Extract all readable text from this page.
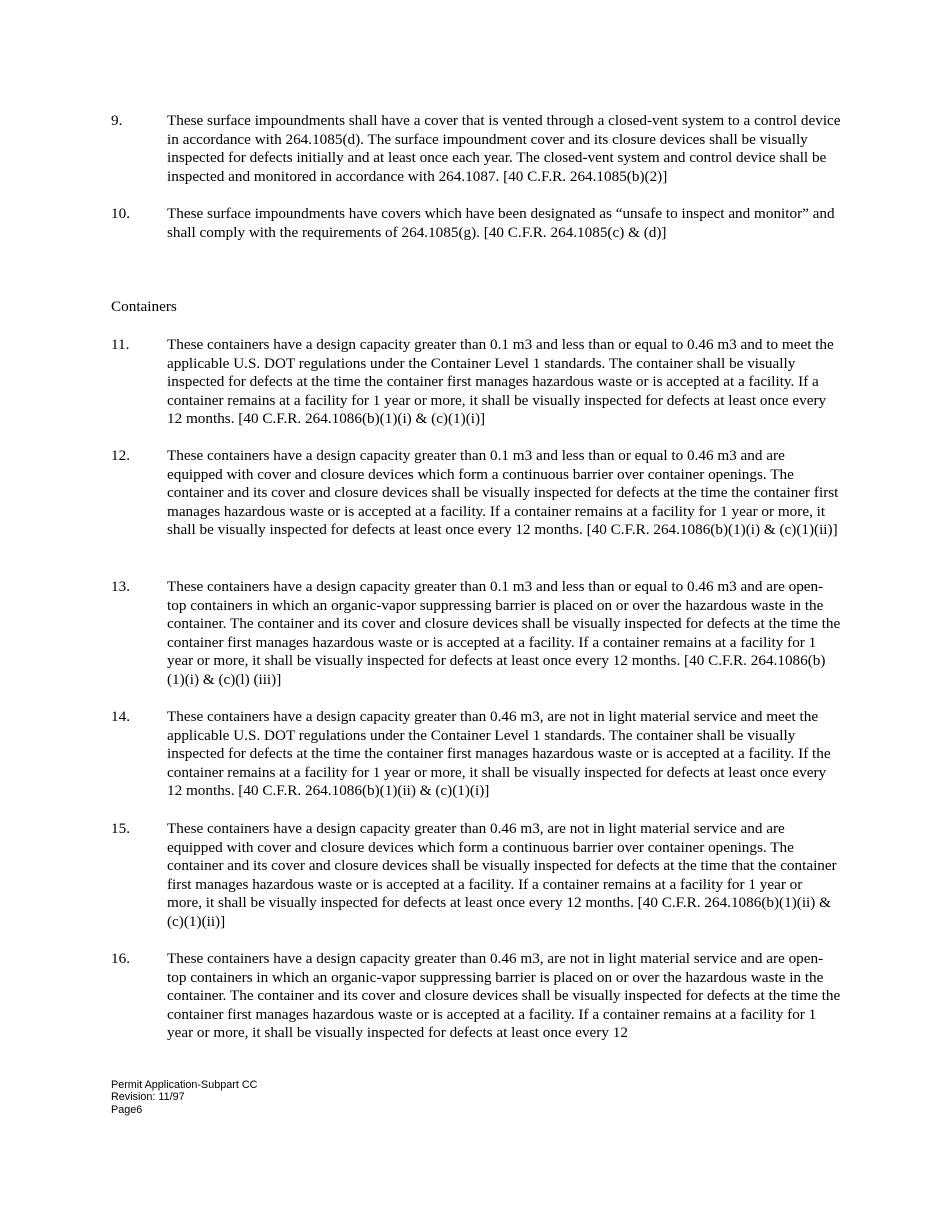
9.	These surface impoundments shall have a cover that is vented through a closed-vent system to a control device in accordance with 264.1085(d). The surface impoundment cover and its closure devices shall be visually inspected for defects initially and at least once each year. The closed-vent system and control device shall be inspected and monitored in accordance with 264.1087. [40 C.F.R. 264.1085(b)(2)]
10. These surface impoundments have covers which have been designated as “unsafe to inspect and monitor” and shall comply with the requirements of 264.1085(g). [40 C.F.R. 264.1085(c) & (d)]
Containers
11. These containers have a design capacity greater than 0.1 m3 and less than or equal to 0.46 m3 and to meet the applicable U.S. DOT regulations under the Container Level 1 standards. The container shall be visually inspected for defects at the time the container first manages hazardous waste or is accepted at a facility. If a container remains at a facility for 1 year or more, it shall be visually inspected for defects at least once every 12 months. [40 C.F.R. 264.1086(b)(1)(i) & (c)(1)(i)]
12. These containers have a design capacity greater than 0.1 m3 and less than or equal to 0.46 m3 and are equipped with cover and closure devices which form a continuous barrier over container openings. The container and its cover and closure devices shall be visually inspected for defects at the time the container first manages hazardous waste or is accepted at a facility. If a container remains at a facility for 1 year or more, it shall be visually inspected for defects at least once every 12 months. [40 C.F.R. 264.1086(b)(1)(i) & (c)(1)(ii)]
13. These containers have a design capacity greater than 0.1 m3 and less than or equal to 0.46 m3 and are open-top containers in which an organic-vapor suppressing barrier is placed on or over the hazardous waste in the container. The container and its cover and closure devices shall be visually inspected for defects at the time the container first manages hazardous waste or is accepted at a facility. If a container remains at a facility for 1 year or more, it shall be visually inspected for defects at least once every 12 months. [40 C.F.R. 264.1086(b)(1)(i) & (c)(l) (iii)]
14. These containers have a design capacity greater than 0.46 m3, are not in light material service and meet the applicable U.S. DOT regulations under the Container Level 1 standards. The container shall be visually inspected for defects at the time the container first manages hazardous waste or is accepted at a facility. If the container remains at a facility for 1 year or more, it shall be visually inspected for defects at least once every 12 months. [40 C.F.R. 264.1086(b)(1)(ii) & (c)(1)(i)]
15. These containers have a design capacity greater than 0.46 m3, are not in light material service and are equipped with cover and closure devices which form a continuous barrier over container openings. The container and its cover and closure devices shall be visually inspected for defects at the time that the container first manages hazardous waste or is accepted at a facility. If a container remains at a facility for 1 year or more, it shall be visually inspected for defects at least once every 12 months. [40 C.F.R. 264.1086(b)(1)(ii) & (c)(1)(ii)]
16. These containers have a design capacity greater than 0.46 m3, are not in light material service and are open-top containers in which an organic-vapor suppressing barrier is placed on or over the hazardous waste in the container. The container and its cover and closure devices shall be visually inspected for defects at the time the container first manages hazardous waste or is accepted at a facility. If a container remains at a facility for 1 year or more, it shall be visually inspected for defects at least once every 12
Permit Application-Subpart CC
Revision: 11/97
Page6
